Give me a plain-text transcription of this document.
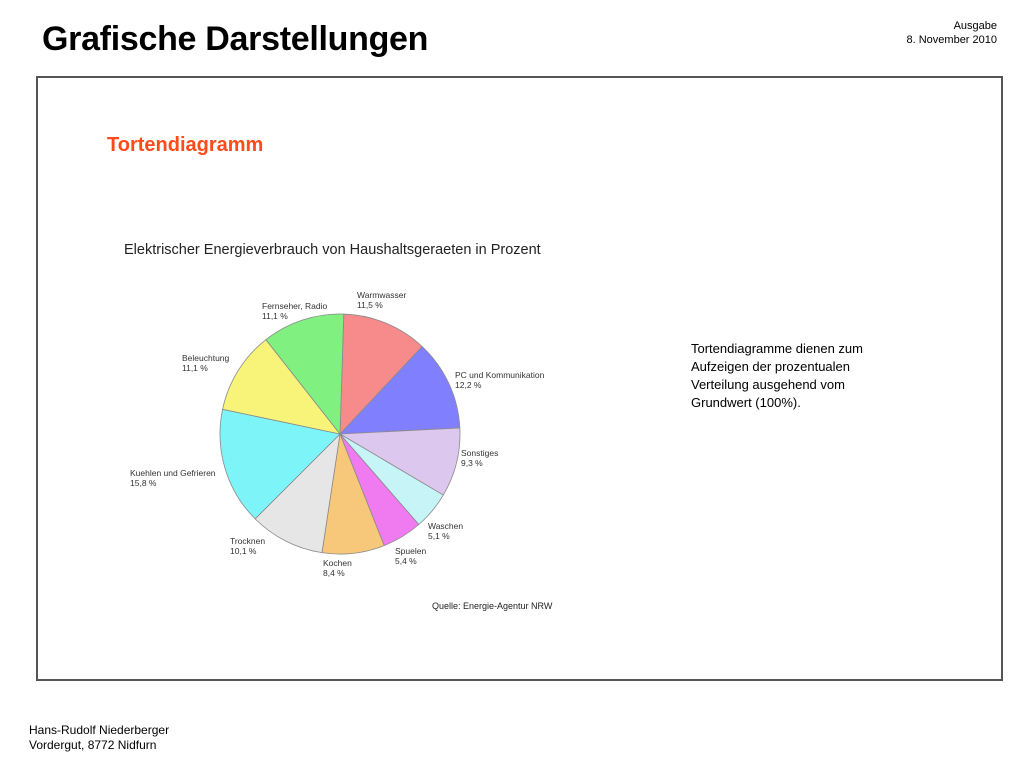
Grafische Darstellungen	Ausgabe
8. November 2010
Tortendiagramm
Elektrischer Energieverbrauch von Haushaltsgeraeten in Prozent
Warmwasser
11,5 %
PC und Kommunikation
12,2 %
Sonstiges
9,3 %
Waschen
5,1 %
Spuelen
5,4 %
Kochen
8,4 %
Trocknen
10,1 %
Kuehlen und Gefrieren
15,8 %
Beleuchtung
11,1 %
Fernseher, Radio
11,1 %
Quelle: Energie-Agentur NRW
Tortendiagramme dienen zum Aufzeigen der prozentualen Verteilung ausgehend vom Grundwert (100%).
Hans-Rudolf Niederberger
Vordergut, 8772 Nidfurn
